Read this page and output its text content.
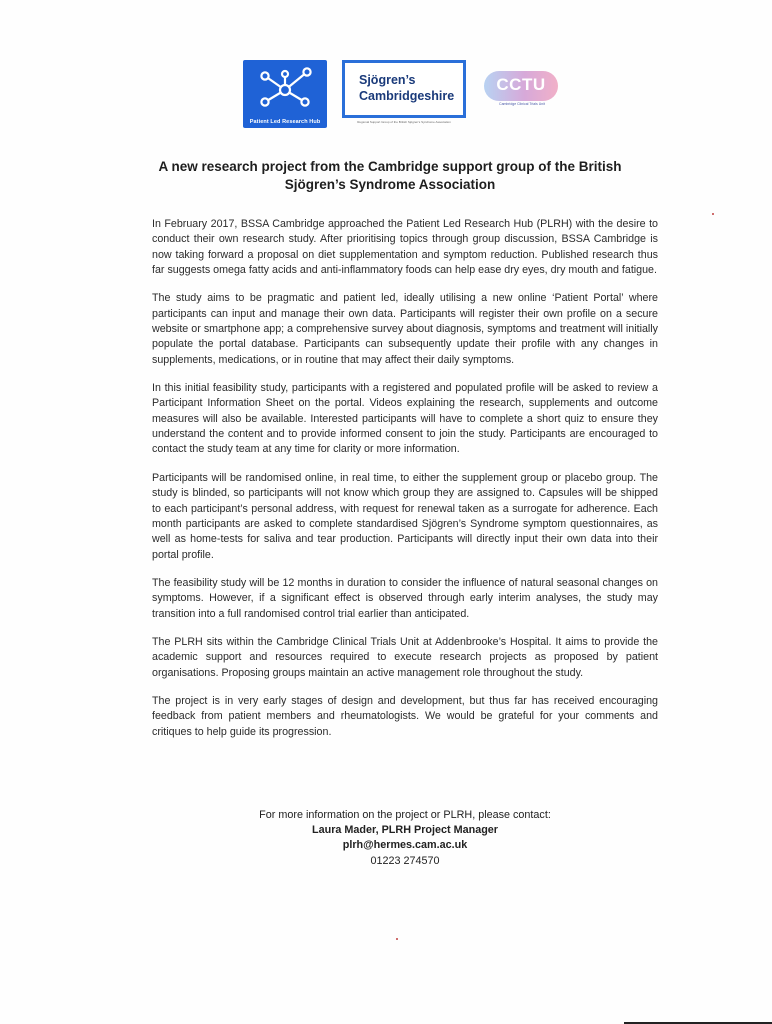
Patient Led Research Hub
Sjögren’s
Cambridgeshire
Regional Support Group of the British Sjögren's Syndrome Association
CCTU
Cambridge Clinical Trials Unit
A new research project from the Cambridge support group of the British Sjögren’s Syndrome Association

In February 2017, BSSA Cambridge approached the Patient Led Research Hub (PLRH) with the desire to conduct their own research study. After prioritising topics through group discussion, BSSA Cambridge is now taking forward a proposal on diet supplementation and symptom reduction. Published research thus far suggests omega fatty acids and anti-inflammatory foods can help ease dry eyes, dry mouth and fatigue.

The study aims to be pragmatic and patient led, ideally utilising a new online ‘Patient Portal’ where participants can input and manage their own data. Participants will register their own profile on a secure website or smartphone app; a comprehensive survey about diagnosis, symptoms and treatment will initially populate the portal database. Participants can subsequently update their profile with any changes in supplements, medications, or in routine that may affect their daily symptoms.

In this initial feasibility study, participants with a registered and populated profile will be asked to review a Participant Information Sheet on the portal. Videos explaining the research, supplements and outcome measures will also be available. Interested participants will have to complete a short quiz to ensure they understand the content and to provide informed consent to join the study. Participants are encouraged to contact the study team at any time for clarity or more information.

Participants will be randomised online, in real time, to either the supplement group or placebo group. The study is blinded, so participants will not know which group they are assigned to. Capsules will be shipped to each participant’s personal address, with request for renewal taken as a surrogate for adherence. Each month participants are asked to complete standardised Sjögren’s Syndrome symptom questionnaires, as well as home-tests for saliva and tear production. Participants will directly input their own data into their portal profile.

The feasibility study will be 12 months in duration to consider the influence of natural seasonal changes on symptoms. However, if a significant effect is observed through early interim analyses, the study may transition into a full randomised control trial earlier than anticipated.

The PLRH sits within the Cambridge Clinical Trials Unit at Addenbrooke’s Hospital. It aims to provide the academic support and resources required to execute research projects as proposed by patient organisations. Proposing groups maintain an active management role throughout the study.

The project is in very early stages of design and development, but thus far has received encouraging feedback from patient members and rheumatologists. We would be grateful for your comments and critiques to help guide its progression.

For more information on the project or PLRH, please contact:
Laura Mader, PLRH Project Manager
plrh@hermes.cam.ac.uk
01223 274570
